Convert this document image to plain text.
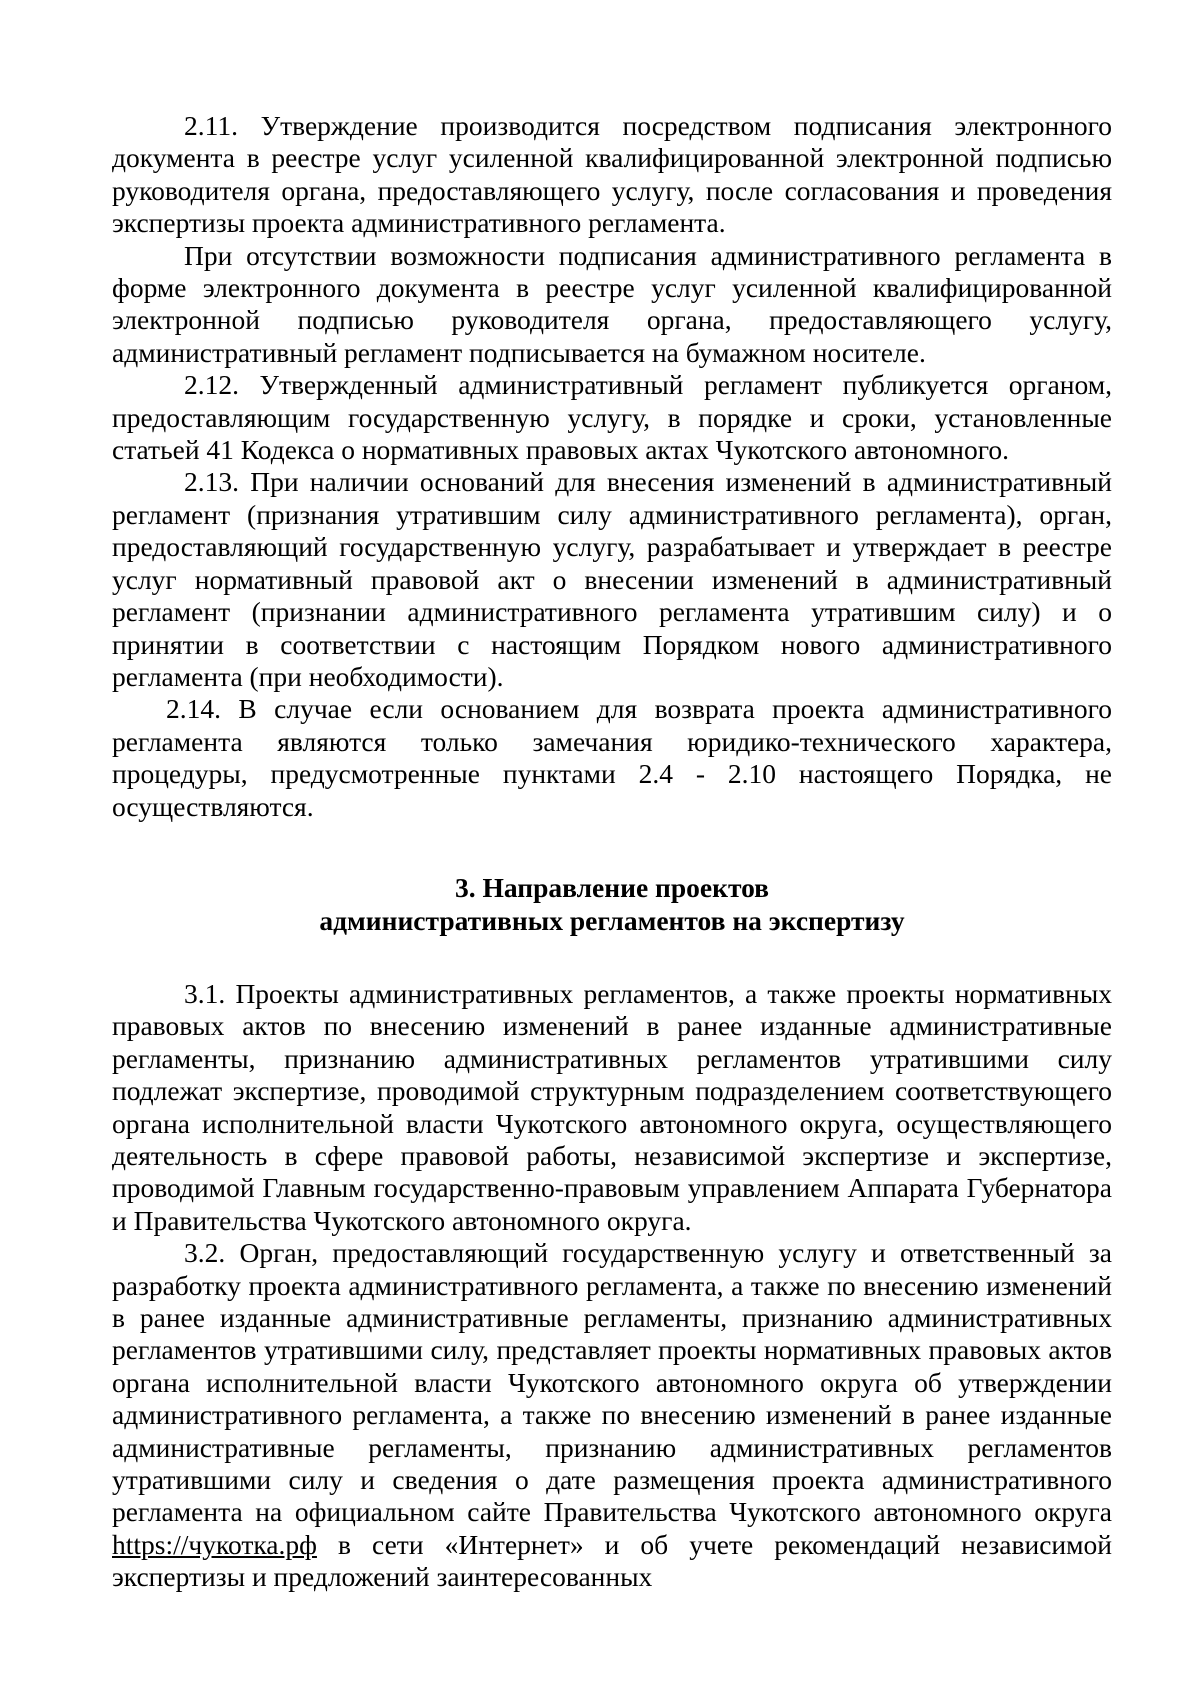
2.11. Утверждение производится посредством подписания электронного документа в реестре услуг усиленной квалифицированной электронной подписью руководителя органа, предоставляющего услугу, после согласования и проведения экспертизы проекта административного регламента.

При отсутствии возможности подписания административного регламента в форме электронного документа в реестре услуг усиленной квалифицированной электронной подписью руководителя органа, предоставляющего услугу, административный регламент подписывается на бумажном носителе.

2.12. Утвержденный административный регламент публикуется органом, предоставляющим государственную услугу, в порядке и сроки, установленные статьей 41 Кодекса о нормативных правовых актах Чукотского автономного.

2.13. При наличии оснований для внесения изменений в административный регламент (признания утратившим силу административного регламента), орган, предоставляющий государственную услугу, разрабатывает и утверждает в реестре услуг нормативный правовой акт о внесении изменений в административный регламент (признании административного регламента утратившим силу) и о принятии в соответствии с настоящим Порядком нового административного регламента (при необходимости).

2.14. В случае если основанием для возврата проекта административного регламента являются только замечания юридико-технического характера, процедуры, предусмотренные пунктами 2.4 - 2.10 настоящего Порядка, не осуществляются.

3. Направление проектов
административных регламентов на экспертизу

3.1. Проекты административных регламентов, а также проекты нормативных правовых актов по внесению изменений в ранее изданные административные регламенты, признанию административных регламентов утратившими силу подлежат экспертизе, проводимой структурным подразделением соответствующего органа исполнительной власти Чукотского автономного округа, осуществляющего деятельность в сфере правовой работы, независимой экспертизе и экспертизе, проводимой Главным государственно-правовым управлением Аппарата Губернатора и Правительства Чукотского автономного округа.

3.2. Орган, предоставляющий государственную услугу и ответственный за разработку проекта административного регламента, а также по внесению изменений в ранее изданные административные регламенты, признанию административных регламентов утратившими силу, представляет проекты нормативных правовых актов органа исполнительной власти Чукотского автономного округа об утверждении административного регламента, а также по внесению изменений в ранее изданные административные регламенты, признанию административных регламентов утратившими силу и сведения о дате размещения проекта административного регламента на официальном сайте Правительства Чукотского автономного округа https://чукотка.рф в сети «Интернет» и об учете рекомендаций независимой экспертизы и предложений заинтересованных
